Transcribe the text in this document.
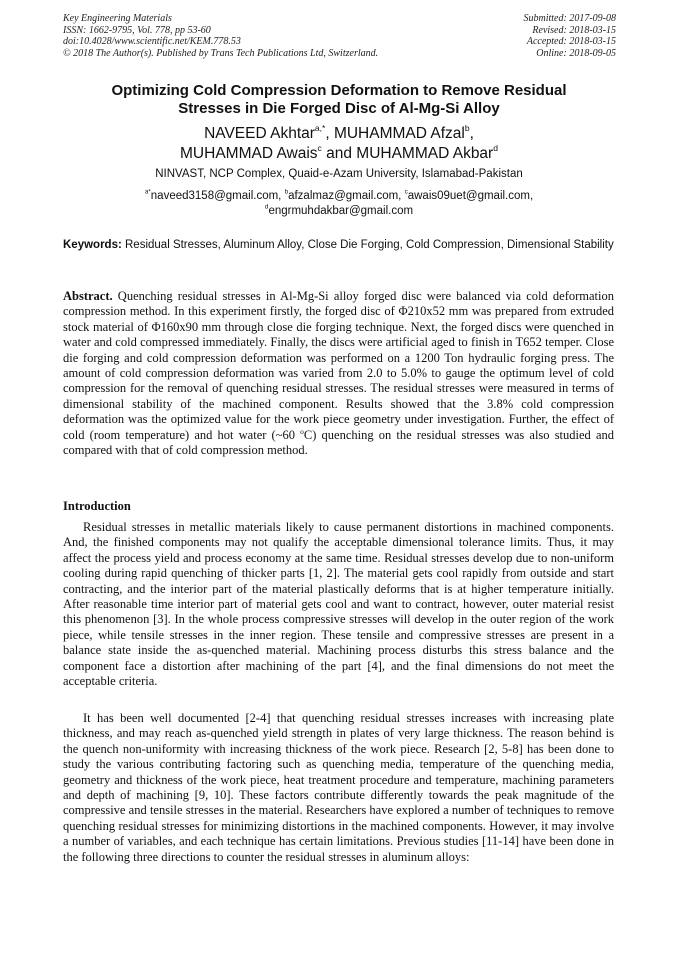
Key Engineering Materials
ISSN: 1662-9795, Vol. 778, pp 53-60
doi:10.4028/www.scientific.net/KEM.778.53
© 2018 The Author(s). Published by Trans Tech Publications Ltd, Switzerland.
Submitted: 2017-09-08
Revised: 2018-03-15
Accepted: 2018-03-15
Online: 2018-09-05
Optimizing Cold Compression Deformation to Remove Residual
Stresses in Die Forged Disc of Al-Mg-Si Alloy
NAVEED Akhtar$^{a,*}$, MUHAMMAD Afzal$^b$,
MUHAMMAD Awais$^c$ and MUHAMMAD Akbar$^d$
NINVAST, NCP Complex, Quaid-e-Azam University, Islamabad-Pakistan
$^{a*}$naveed3158@gmail.com, $^b$afzalmaz@gmail.com, $^c$awais09uet@gmail.com,
$^d$engrmuhdakbar@gmail.com
Keywords: Residual Stresses, Aluminum Alloy, Close Die Forging, Cold Compression, Dimensional Stability
Abstract. Quenching residual stresses in Al-Mg-Si alloy forged disc were balanced via cold deformation compression method. In this experiment firstly, the forged disc of Φ210x52 mm was prepared from extruded stock material of Φ160x90 mm through close die forging technique. Next, the forged discs were quenched in water and cold compressed immediately. Finally, the discs were artificial aged to finish in T652 temper. Close die forging and cold compression deformation was performed on a 1200 Ton hydraulic forging press. The amount of cold compression deformation was varied from 2.0 to 5.0% to gauge the optimum level of cold compression for the removal of quenching residual stresses. The residual stresses were measured in terms of dimensional stability of the machined component. Results showed that the 3.8% cold compression deformation was the optimized value for the work piece geometry under investigation. Further, the effect of cold (room temperature) and hot water (~60 $^o$C) quenching on the residual stresses was also studied and compared with that of cold compression method.
Introduction

Residual stresses in metallic materials likely to cause permanent distortions in machined components. And, the finished components may not qualify the acceptable dimensional tolerance limits. Thus, it may affect the process yield and process economy at the same time. Residual stresses develop due to non-uniform cooling during rapid quenching of thicker parts [1, 2]. The material gets cool rapidly from outside and start contracting, and the interior part of the material plastically deforms that is at higher temperature initially. After reasonable time interior part of material gets cool and want to contract, however, outer material resist this phenomenon [3]. In the whole process compressive stresses will develop in the outer region of the work piece, while tensile stresses in the inner region. These tensile and compressive stresses are present in a balance state inside the as-quenched material. Machining process disturbs this stress balance and the component face a distortion after machining of the part [4], and the final dimensions do not meet the acceptable criteria.

It has been well documented [2-4] that quenching residual stresses increases with increasing plate thickness, and may reach as-quenched yield strength in plates of very large thickness. The reason behind is the quench non-uniformity with increasing thickness of the work piece. Research [2, 5-8] has been done to study the various contributing factoring such as quenching media, temperature of the quenching media, geometry and thickness of the work piece, heat treatment procedure and temperature, machining parameters and depth of machining [9, 10]. These factors contribute differently towards the peak magnitude of the compressive and tensile stresses in the material. Researchers have explored a number of techniques to remove quenching residual stresses for minimizing distortions in the machined components. However, it may involve a number of variables, and each technique has certain limitations. Previous studies [11-14] have been done in the following three directions to counter the residual stresses in aluminum alloys:
